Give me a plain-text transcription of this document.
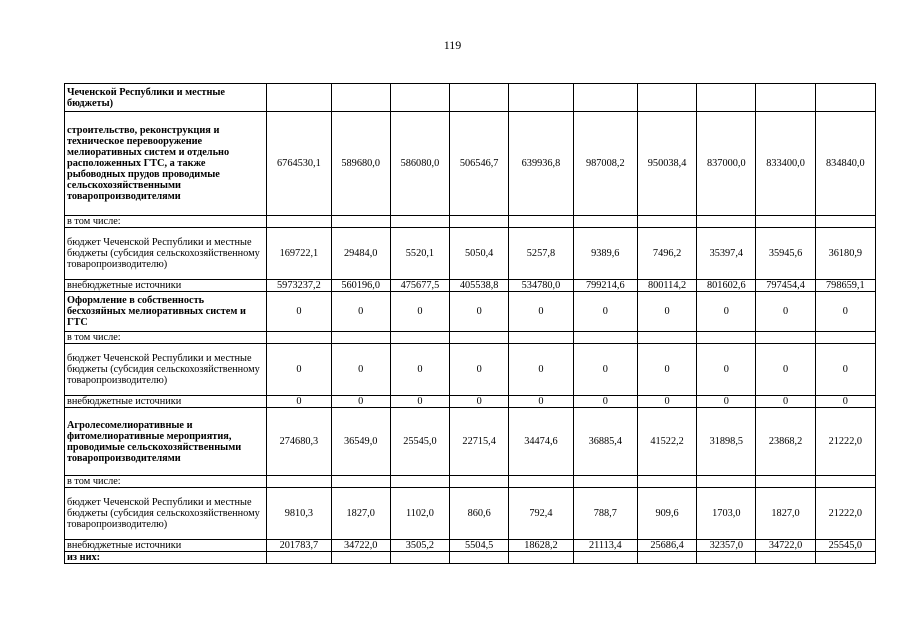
119
Чеченской Республики и местные бюджеты)										
строительство, реконструкция и техническое перевооружение мелиоративных систем и отдельно расположенных ГТС, а также рыбоводных прудов проводимые сельскохозяйственными товаропроизводителями	6764530,1	589680,0	586080,0	506546,7	639936,8	987008,2	950038,4	837000,0	833400,0	834840,0
в том числе:										
бюджет Чеченской Республики и местные бюджеты (субсидия сельскохозяйственному товаропроизводителю)	169722,1	29484,0	5520,1	5050,4	5257,8	9389,6	7496,2	35397,4	35945,6	36180,9
внебюджетные источники	5973237,2	560196,0	475677,5	405538,8	534780,0	799214,6	800114,2	801602,6	797454,4	798659,1
Оформление в собственность бесхозяйных мелиоративных систем и ГТС	0	0	0	0	0	0	0	0	0	0
в том числе:										
бюджет Чеченской Республики и местные бюджеты (субсидия сельскохозяйственному товаропроизводителю)	0	0	0	0	0	0	0	0	0	0
внебюджетные источники	0	0	0	0	0	0	0	0	0	0
Агролесомелиоративные и фитомелиоративные мероприятия, проводимые сельскохозяйственными товаропроизводителями	274680,3	36549,0	25545,0	22715,4	34474,6	36885,4	41522,2	31898,5	23868,2	21222,0
в том числе:										
бюджет Чеченской Республики и местные бюджеты (субсидия сельскохозяйственному товаропроизводителю)	9810,3	1827,0	1102,0	860,6	792,4	788,7	909,6	1703,0	1827,0	21222,0
внебюджетные источники	201783,7	34722,0	3505,2	5504,5	18628,2	21113,4	25686,4	32357,0	34722,0	25545,0
из них:										
